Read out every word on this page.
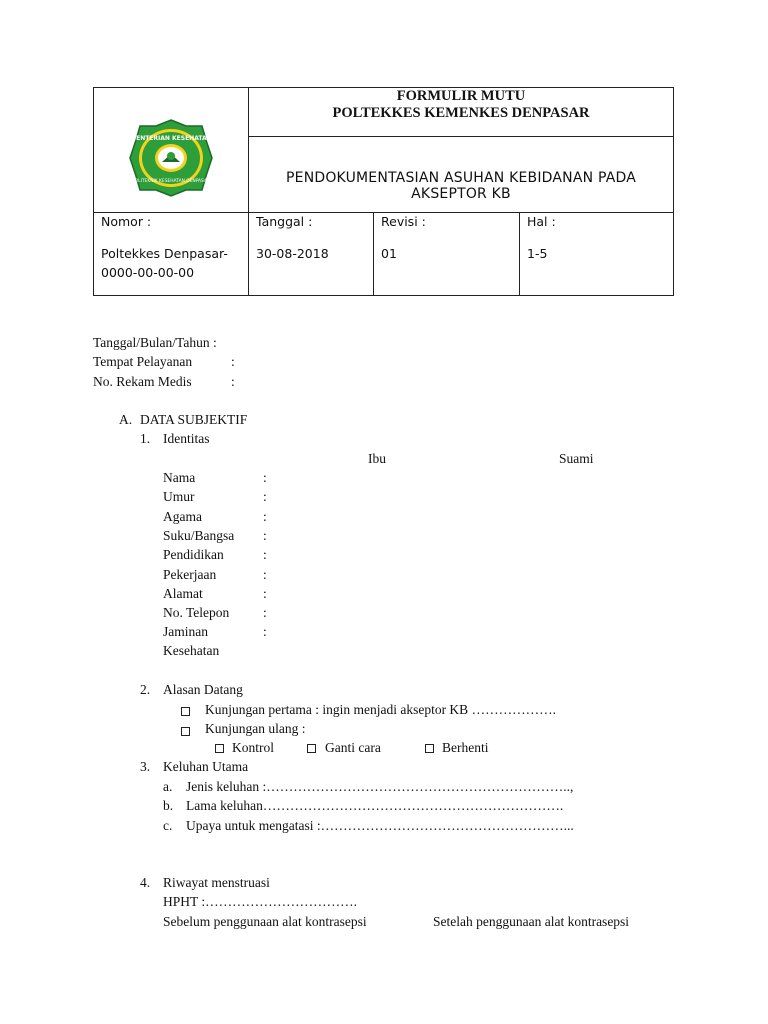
KEMENTERIAN KESEHATAN RI
POLITEKNIK KESEHATAN DENPASAR
FORMULIR MUTU
POLTEKKES KEMENKES DENPASAR
PENDOKUMENTASIAN ASUHAN KEBIDANAN PADA
AKSEPTOR KB
Nomor :
Poltekkes Denpasar-
0000-00-00-00
Tanggal :
30-08-2018
Revisi :
01
Hal :
1-5
Tanggal/Bulan/Tahun :
Tempat Pelayanan	:
No. Rekam Medis	:
A. DATA SUBJEKTIF
1. Identitas
Ibu	Suami
Nama	:
Umur	:
Agama	:
Suku/Bangsa :
Pendidikan	:
Pekerjaan	:
Alamat	:
No. Telepon :
Jaminan	:
Kesehatan
2. Alasan Datang
Kunjungan pertama : ingin menjadi akseptor KB ……………….
Kunjungan ulang :
Kontrol	Ganti cara	Berhenti
3. Keluhan Utama
a. Jenis keluhan :…………………………………………………………..,
b. Lama keluhan………………………………………………………….
c. Upaya untuk mengatasi :………………………………………………...
4. Riwayat menstruasi
HPHT :…………………………….
Sebelum penggunaan alat kontrasepsi	Setelah penggunaan alat kontrasepsi
